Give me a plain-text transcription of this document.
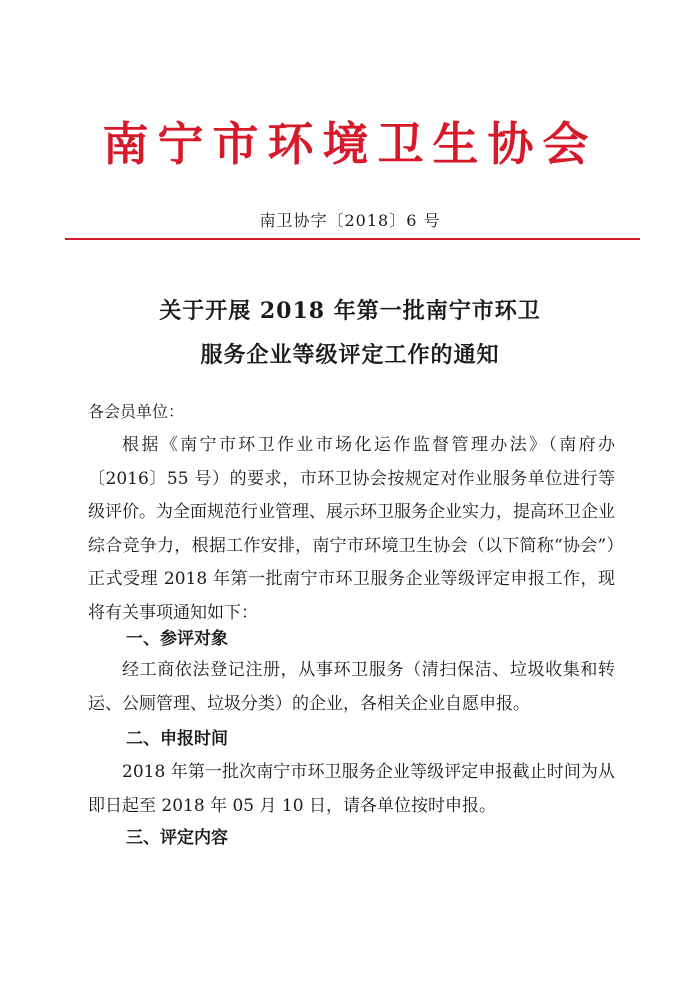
南宁市环境卫生协会
南卫协字〔2018〕6 号
关于开展 2018 年第一批南宁市环卫
服务企业等级评定工作的通知
各会员单位：
根据《南宁市环卫作业市场化运作监督管理办法》（南府办〔2016〕55 号）的要求，市环卫协会按规定对作业服务单位进行等级评价。为全面规范行业管理、展示环卫服务企业实力，提高环卫企业综合竞争力，根据工作安排，南宁市环境卫生协会（以下简称“协会”）正式受理 2018 年第一批南宁市环卫服务企业等级评定申报工作，现将有关事项通知如下：
一、参评对象
经工商依法登记注册，从事环卫服务（清扫保洁、垃圾收集和转运、公厕管理、垃圾分类）的企业，各相关企业自愿申报。
二、申报时间
2018 年第一批次南宁市环卫服务企业等级评定申报截止时间为从即日起至 2018 年 05 月 10 日，请各单位按时申报。
三、评定内容
